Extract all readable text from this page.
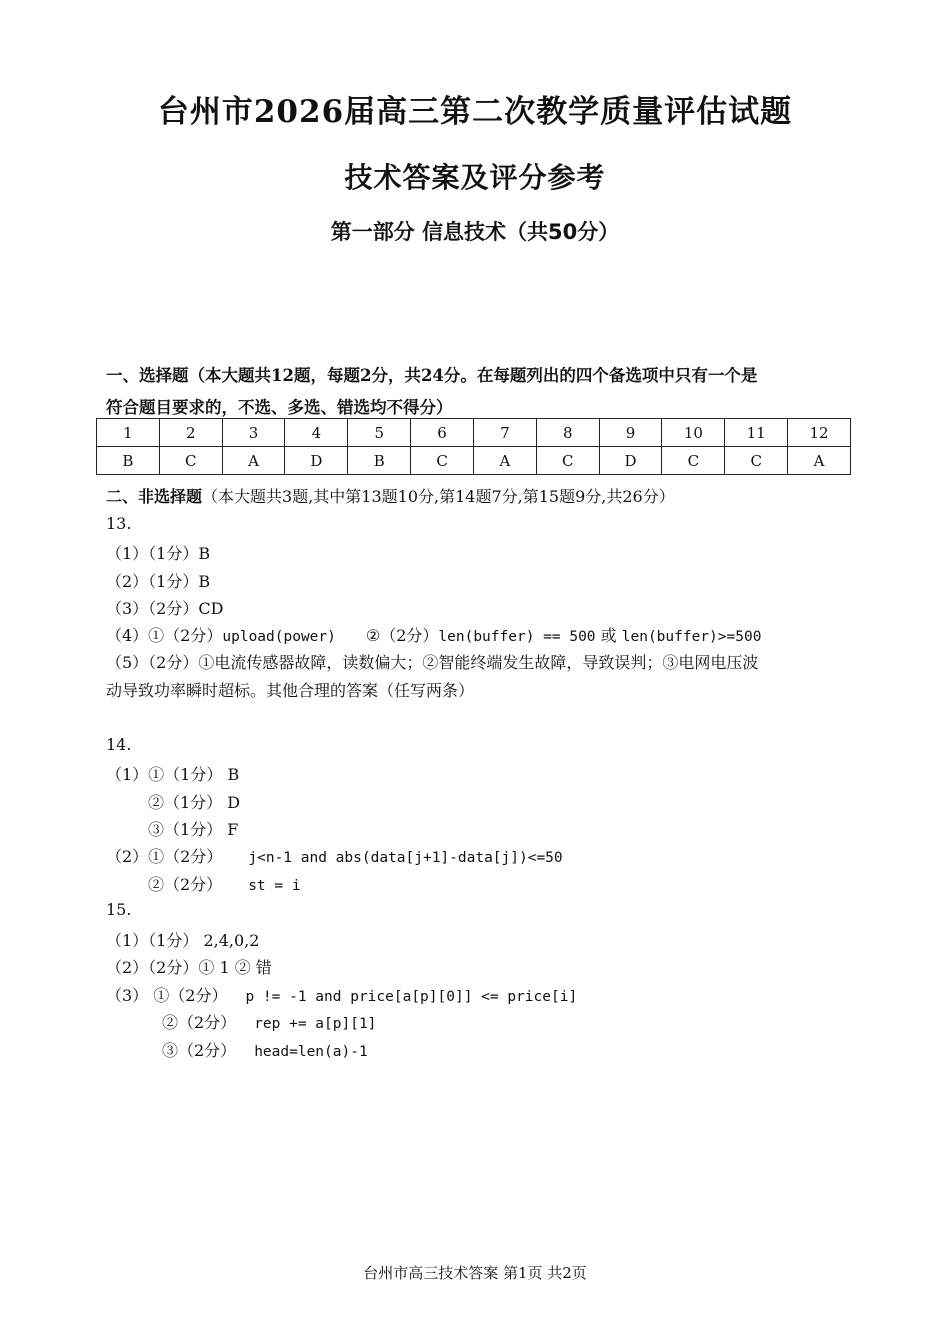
台州市2026届高三第二次教学质量评估试题
技术答案及评分参考
第一部分 信息技术（共50分）
一、选择题（本大题共12题，每题2分，共24分。在每题列出的四个备选项中只有一个是
符合题目要求的，不选、多选、错选均不得分）
1	2	3	4	5	6	7	8	9	10	11	12
B	C	A	D	B	C	A	C	D	C	C	A
二、非选择题（本大题共3题,其中第13题10分,第14题7分,第15题9分,共26分）
13.
（1）（1分）B
（2）（1分）B
（3）（2分）CD
（4）①（2分）upload(power) ②（2分）len(buffer) == 500 或 len(buffer)>=500
（5）（2分）①电流传感器故障，读数偏大；②智能终端发生故障，导致误判；③电网电压波
动导致功率瞬时超标。其他合理的答案（任写两条）
14.
（1）①（1分） B
②（1分） D
③（1分） F
（2）①（2分） j<n-1 and abs(data[j+1]-data[j])<=50
②（2分） st = i
15.
（1）（1分） 2,4,0,2
（2）（2分）① 1 ② 错
（3） ①（2分） p != -1 and price[a[p][0]] <= price[i]
②（2分） rep += a[p][1]
③（2分） head=len(a)-1
台州市高三技术答案 第1页 共2页
